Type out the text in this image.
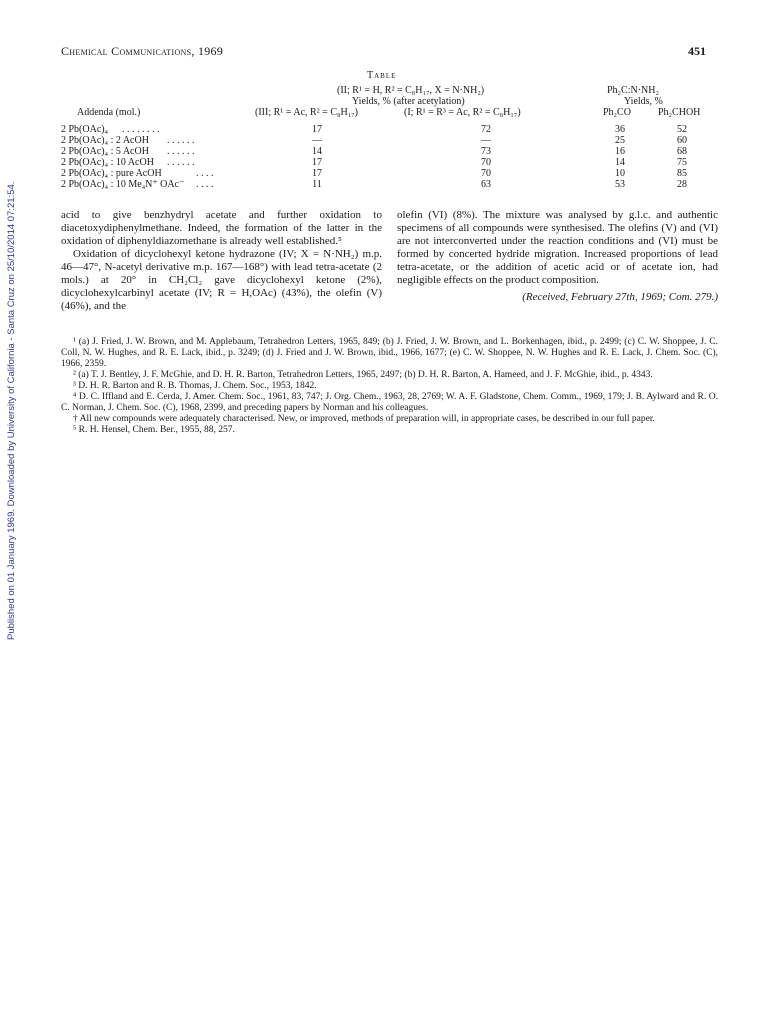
Published on 01 January 1969. Downloaded by University of California - Santa Cruz on 25/10/2014 07:21:54.
Chemical Communications, 1969	451
Table
(II; R¹ = H, R² = C₈H₁₇, X = N·NH₂)
Yields, % (after acetylation)
(III; R¹ = Ac, R² = C₈H₁₇)	(I; R¹ = R³ = Ac, R² = C₈H₁₇)
Addenda (mol.)
Ph₂C:N·NH₂
Yields, %
Ph₂CO	Ph₂CHOH
2 Pb(OAc)₄ . . . . . . . .	17	72	36	52
2 Pb(OAc)₄ : 2 AcOH . . . . . .	—	—	25	60
2 Pb(OAc)₄ : 5 AcOH . . . . . .	14	73	16	68
2 Pb(OAc)₄ : 10 AcOH . . . . . .	17	70	14	75
2 Pb(OAc)₄ : pure AcOH	. . . .	17	70	10	85
2 Pb(OAc)₄ : 10 Me₄N⁺ OAc⁻ . . . .	11	63	53	28

acid to give benzhydryl acetate and further oxidation to diacetoxydiphenylmethane. Indeed, the formation of the latter in the oxidation of diphenyldiazomethane is already well established.⁵

Oxidation of dicyclohexyl ketone hydrazone (IV; X = N·NH₂) m.p. 46—47°, N-acetyl derivative m.p. 167—168°) with lead tetra-acetate (2 mols.) at 20° in CH₂Cl₂ gave dicyclohexyl ketone (2%), dicyclohexylcarbinyl acetate (IV; R = H,OAc) (43%), the olefin (V) (46%), and the

olefin (VI) (8%). The mixture was analysed by g.l.c. and authentic specimens of all compounds were synthesised. The olefins (V) and (VI) are not interconverted under the reaction conditions and (VI) must be formed by concerted hydride migration. Increased proportions of lead tetra-acetate, or the addition of acetic acid or of acetate ion, had negligible effects on the product composition.

(Received, February 27th, 1969; Com. 279.)

¹ (a) J. Fried, J. W. Brown, and M. Applebaum, Tetrahedron Letters, 1965, 849; (b) J. Fried, J. W. Brown, and L. Borkenhagen, ibid., p. 2499; (c) C. W. Shoppee, J. C. Coll, N. W. Hughes, and R. E. Lack, ibid., p. 3249; (d) J. Fried and J. W. Brown, ibid., 1966, 1677; (e) C. W. Shoppee, N. W. Hughes and R. E. Lack, J. Chem. Soc. (C), 1966, 2359.

² (a) T. J. Bentley, J. F. McGhie, and D. H. R. Barton, Tetrahedron Letters, 1965, 2497; (b) D. H. R. Barton, A. Hameed, and J. F. McGhie, ibid., p. 4343.

³ D. H. R. Barton and R. B. Thomas, J. Chem. Soc., 1953, 1842.

⁴ D. C. Iffland and E. Cerda, J. Amer. Chem. Soc., 1961, 83, 747; J. Org. Chem., 1963, 28, 2769; W. A. F. Gladstone, Chem. Comm., 1969, 179; J. B. Aylward and R. O. C. Norman, J. Chem. Soc. (C), 1968, 2399, and preceding papers by Norman and his colleagues.

† All new compounds were adequately characterised. New, or improved, methods of preparation will, in appropriate cases, be described in our full paper.

⁵ R. H. Hensel, Chem. Ber., 1955, 88, 257.
